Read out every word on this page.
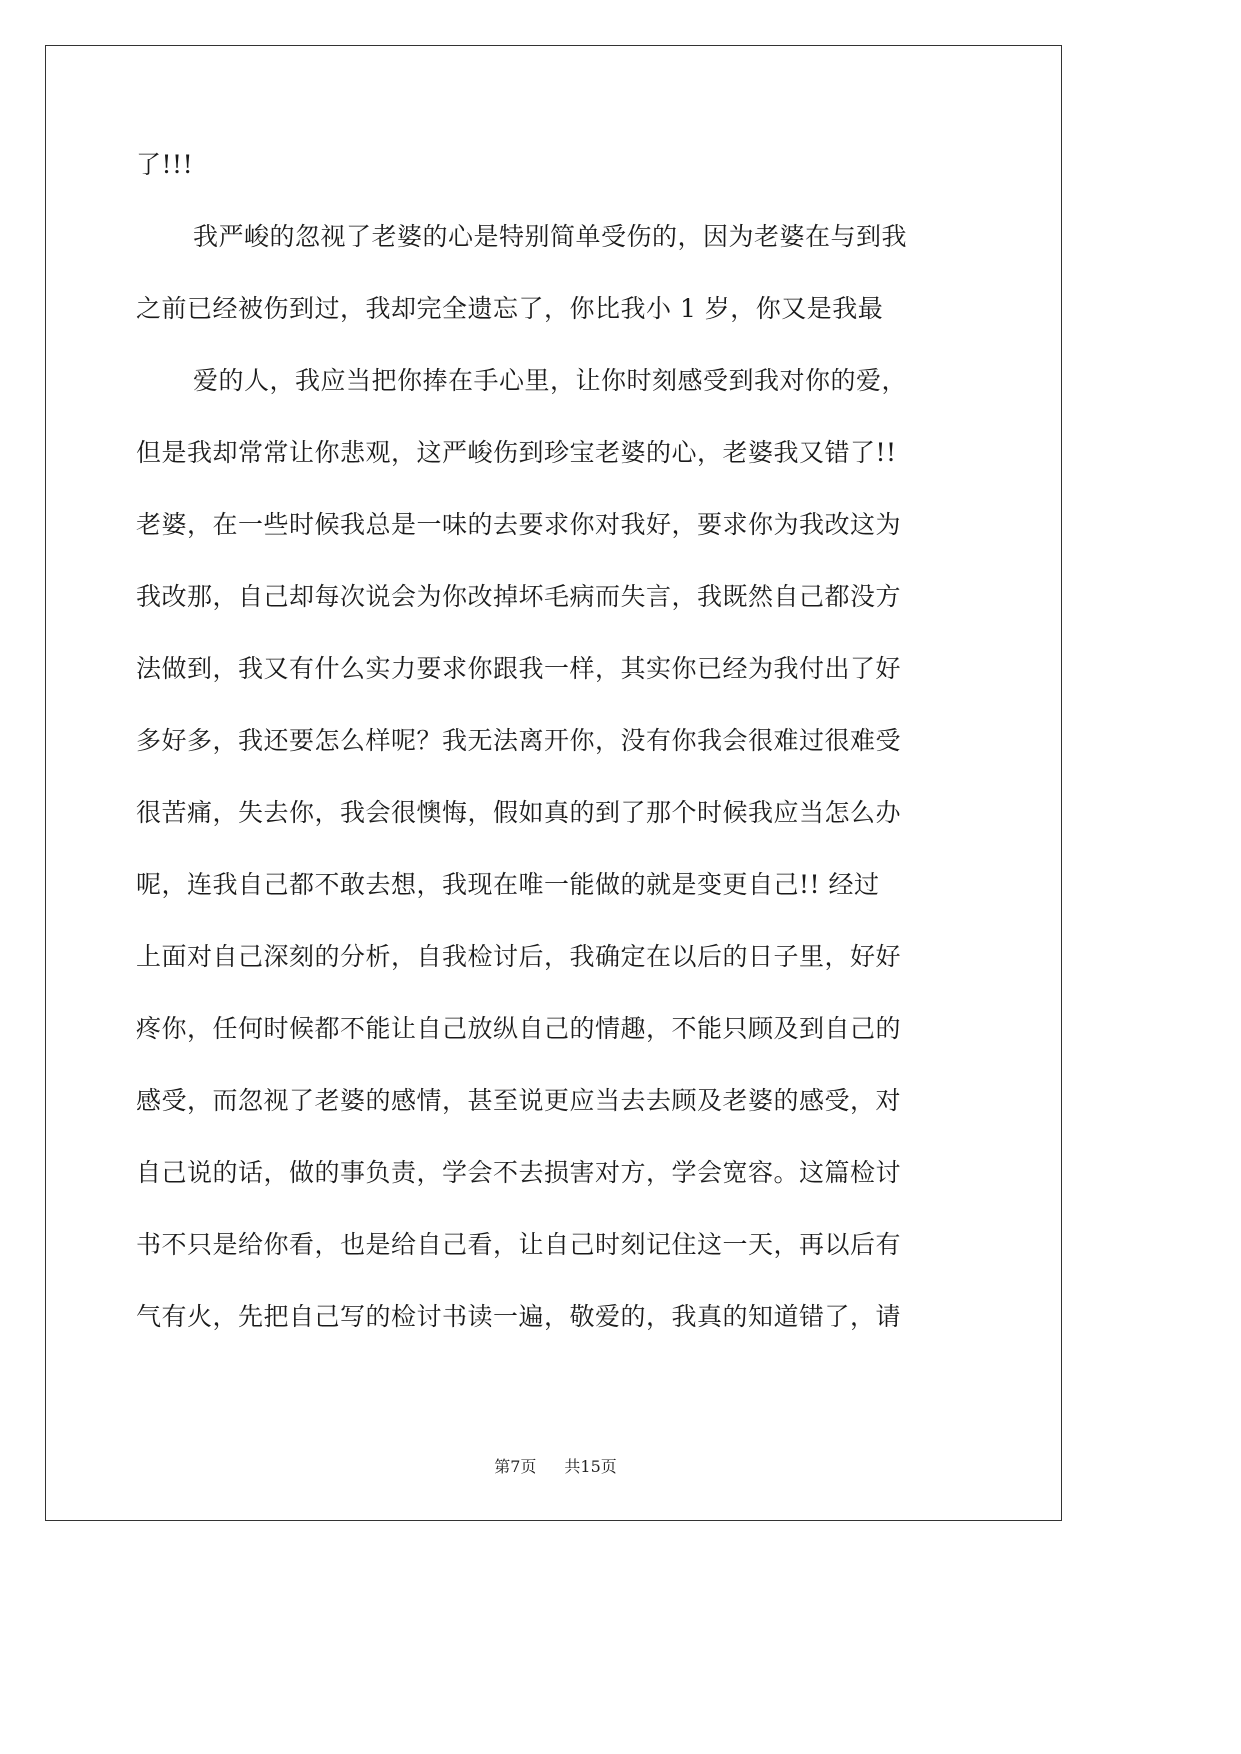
了!!!
我严峻的忽视了老婆的心是特别简单受伤的，因为老婆在与到我
之前已经被伤到过，我却完全遗忘了，你比我小 1 岁，你又是我最
爱的人，我应当把你捧在手心里，让你时刻感受到我对你的爱，
但是我却常常让你悲观，这严峻伤到珍宝老婆的心，老婆我又错了!!
老婆，在一些时候我总是一味的去要求你对我好，要求你为我改这为
我改那，自己却每次说会为你改掉坏毛病而失言，我既然自己都没方
法做到，我又有什么实力要求你跟我一样，其实你已经为我付出了好
多好多，我还要怎么样呢？我无法离开你，没有你我会很难过很难受
很苦痛，失去你，我会很懊悔，假如真的到了那个时候我应当怎么办
呢，连我自己都不敢去想，我现在唯一能做的就是变更自己!! 经过
上面对自己深刻的分析，自我检讨后，我确定在以后的日子里，好好
疼你，任何时候都不能让自己放纵自己的情趣，不能只顾及到自己的
感受，而忽视了老婆的感情，甚至说更应当去去顾及老婆的感受，对
自己说的话，做的事负责，学会不去损害对方，学会宽容。这篇检讨
书不只是给你看，也是给自己看，让自己时刻记住这一天，再以后有
气有火，先把自己写的检讨书读一遍，敬爱的，我真的知道错了，请
第7页 共15页
